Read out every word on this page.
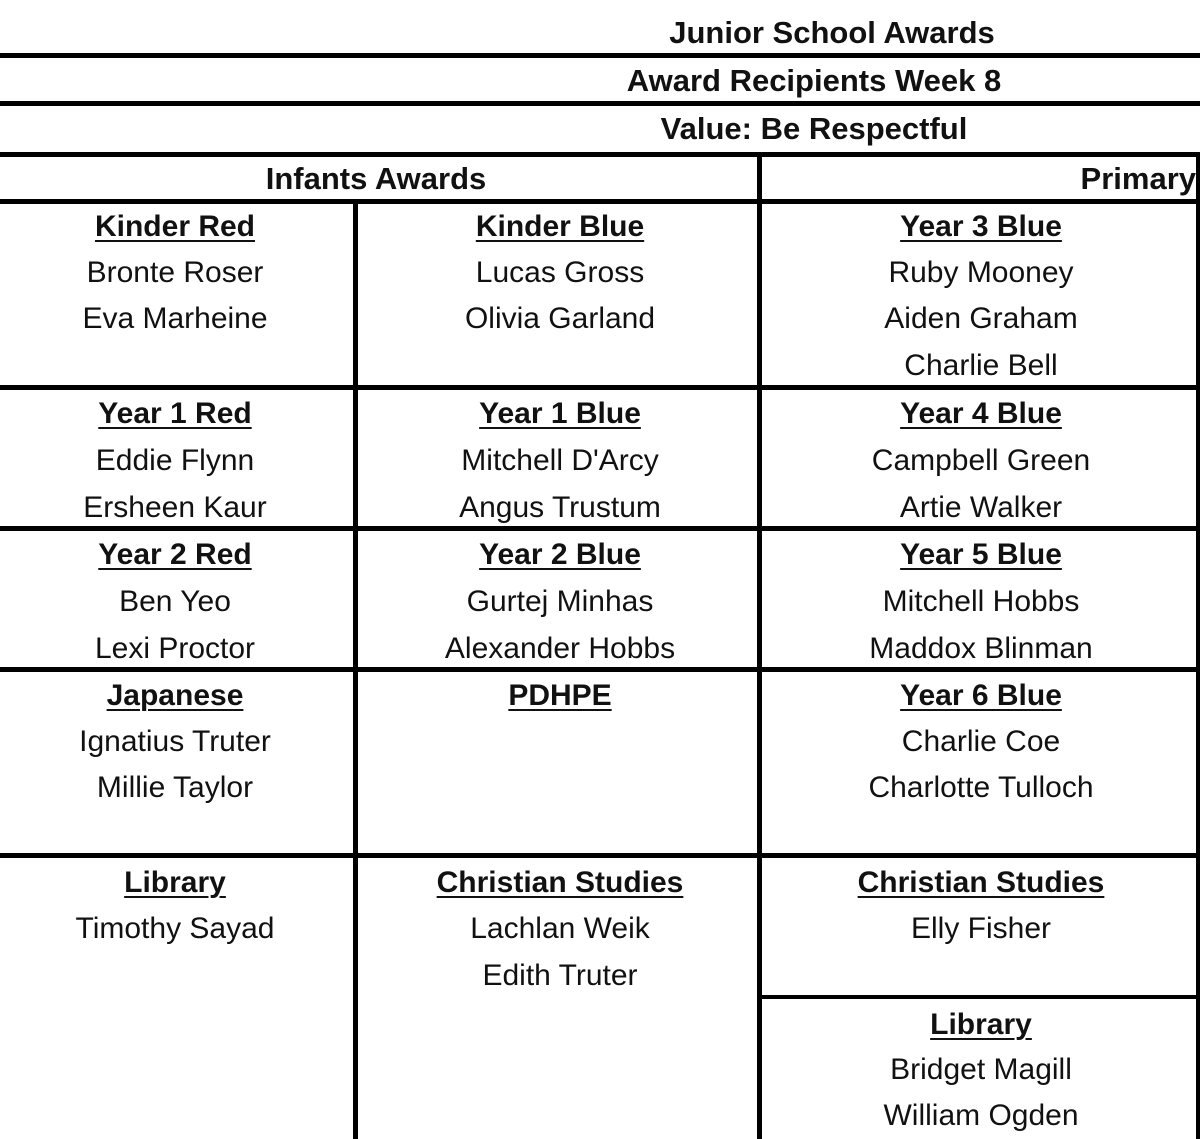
Junior School Awards
Award Recipients Week 8
Value: Be Respectful
Infants Awards	Primary
Kinder Red
Bronte Roser
Eva Marheine
Kinder Blue
Lucas Gross
Olivia Garland
Year 3 Blue
Ruby Mooney
Aiden Graham
Charlie Bell
Year 1 Red
Eddie Flynn
Ersheen Kaur
Year 1 Blue
Mitchell D'Arcy
Angus Trustum
Year 4 Blue
Campbell Green
Artie Walker
Year 2 Red
Ben Yeo
Lexi Proctor
Year 2 Blue
Gurtej Minhas
Alexander Hobbs
Year 5 Blue
Mitchell Hobbs
Maddox Blinman
Japanese
Ignatius Truter
Millie Taylor
PDHPE	Year 6 Blue
Charlie Coe
Charlotte Tulloch
Library
Timothy Sayad
Christian Studies
Lachlan Weik
Edith Truter
Christian Studies
Elly Fisher
Library
Bridget Magill
William Ogden
